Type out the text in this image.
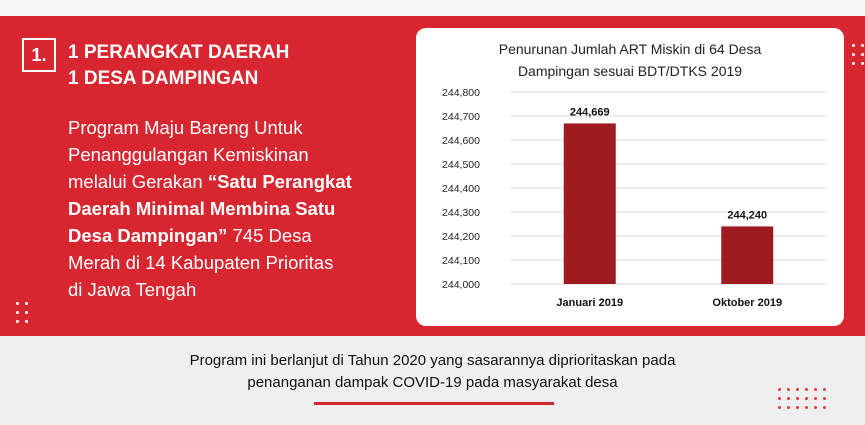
1.	1 PERANGKAT DAERAH
1 DESA DAMPINGAN
Program Maju Bareng Untuk
Penanggulangan Kemiskinan
melalui Gerakan “Satu Perangkat
Daerah Minimal Membina Satu
Desa Dampingan” 745 Desa
Merah di 14 Kabupaten Prioritas
di Jawa Tengah
Penurunan Jumlah ART Miskin di 64 Desa
Dampingan sesuai BDT/DTKS 2019
244,000
244,100
244,200
244,300
244,400
244,500
244,600
244,700
244,800
244,669
Januari 2019
244,240
Oktober 2019
Program ini berlanjut di Tahun 2020 yang sasarannya diprioritaskan pada
penanganan dampak COVID-19 pada masyarakat desa
